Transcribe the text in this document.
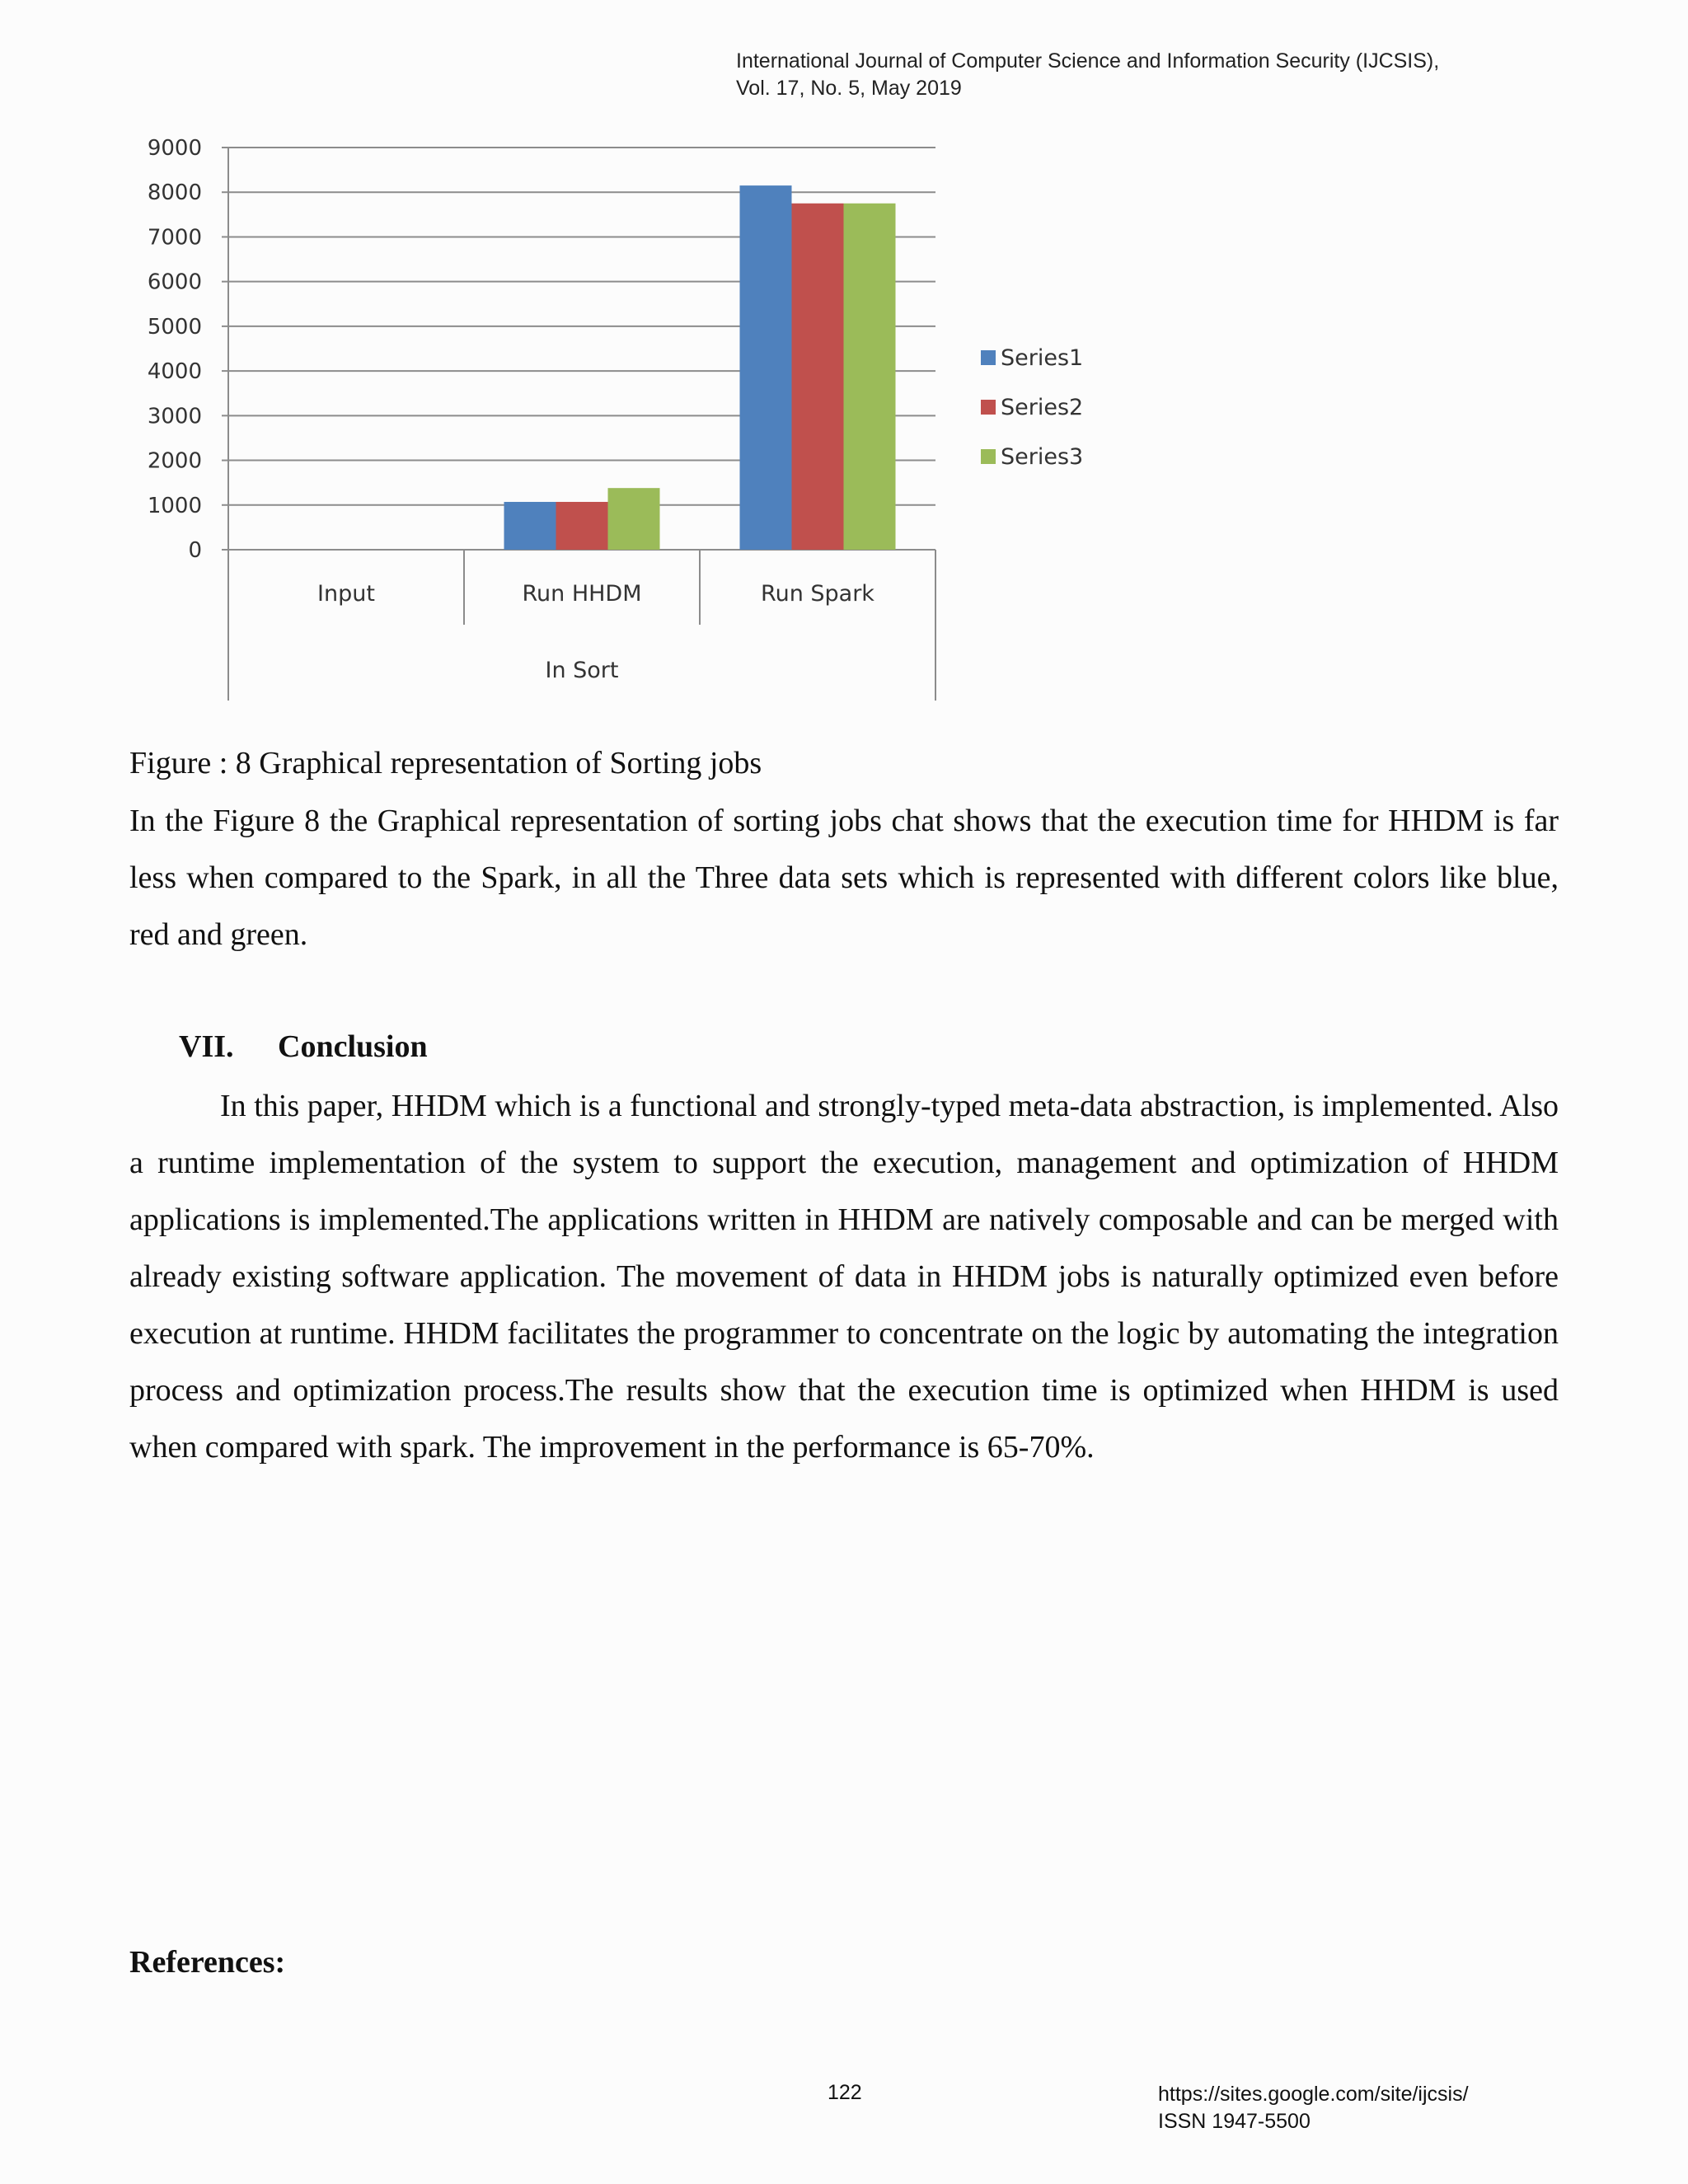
International Journal of Computer Science and Information Security (IJCSIS),
Vol. 17, No. 5, May 2019
0
1000
2000
3000
4000
5000
6000
7000
8000
9000
Input	Run HHDM	Run Spark
In Sort
Series1
Series2
Series3
Figure : 8 Graphical representation of Sorting jobs

In the Figure 8 the Graphical representation of sorting jobs chat shows that the execution time for HHDM is far less when compared to the Spark, in all the Three data sets which is represented with different colors like blue, red and green.

VII. Conclusion

In this paper, HHDM which is a functional and strongly-typed meta-data abstraction, is implemented. Also a runtime implementation of the system to support the execution, management and optimization of HHDM applications is implemented.The applications written in HHDM are natively composable and can be merged with already existing software application. The movement of data in HHDM jobs is naturally optimized even before execution at runtime. HHDM facilitates the programmer to concentrate on the logic by automating the integration process and optimization process.The results show that the execution time is optimized when HHDM is used when compared with spark. The improvement in the performance is 65-70%.

References:
122	https://sites.google.com/site/ijcsis/
ISSN 1947-5500
